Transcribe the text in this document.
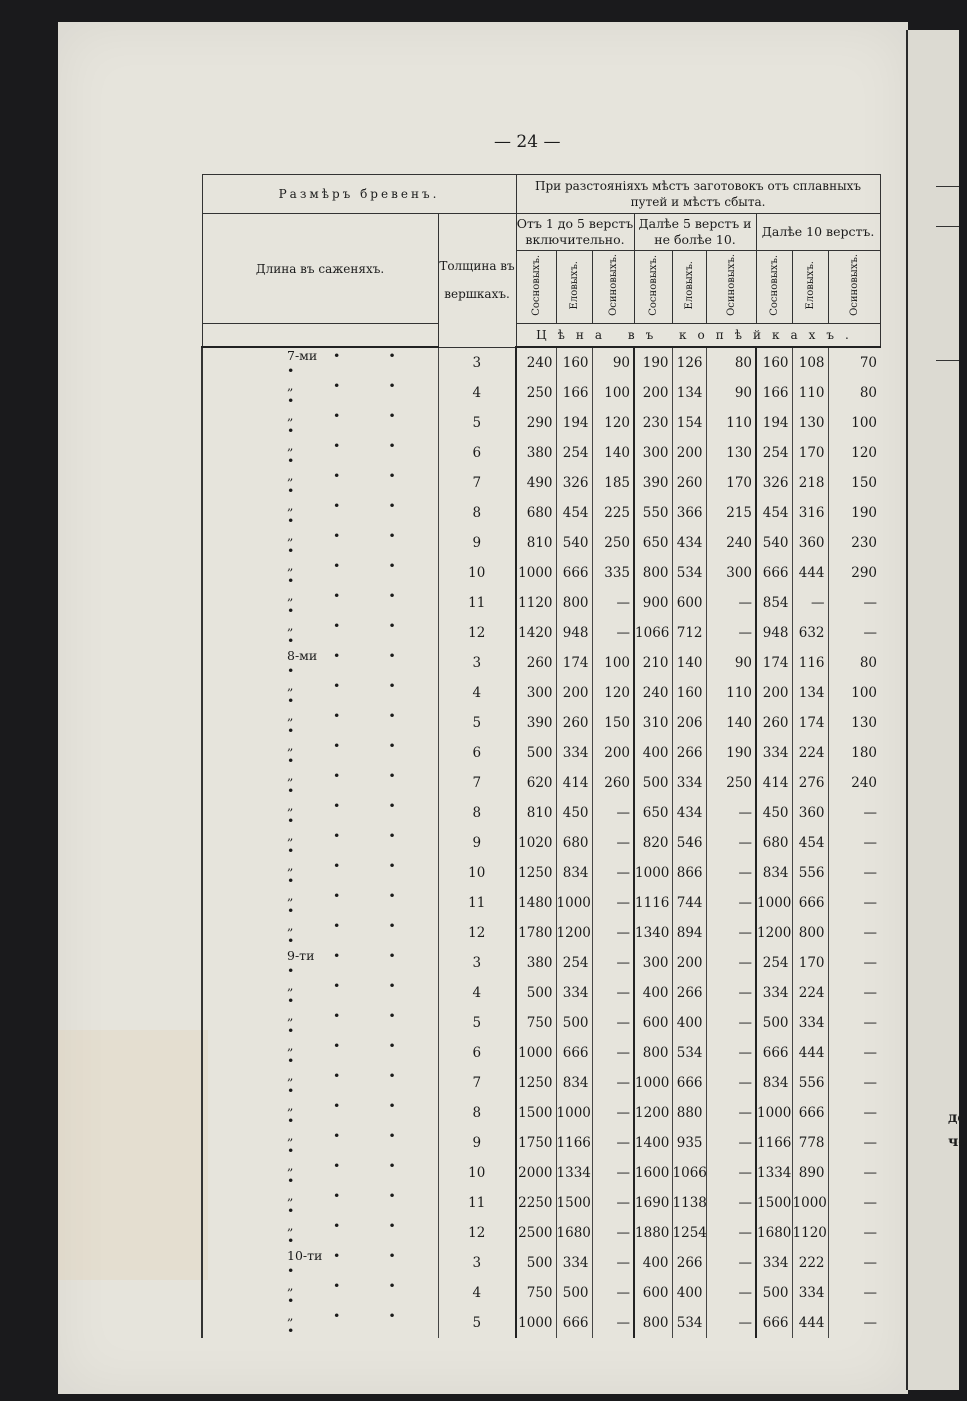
де
че
— 24 —
Размѣръ бревенъ.		При разстояніяхъ мѣстъ заготовокъ отъ сплавныхъ путей и мѣстъ сбыта.								
Длина въ саженяхъ.	Толщина въ вершкахъ.	Отъ 1 до 5 верстъ включительно.			Далѣе 5 верстъ и не болѣе 10.			Далѣе 10 верстъ.		
		Сосновыхъ.	Еловыхъ.	Осиновыхъ.	Сосновыхъ.	Еловыхъ.	Осиновыхъ.	Сосновыхъ.	Еловыхъ.	Осиновыхъ.
		Цѣна въ копѣйкахъ.								
7-ми • • •	3	240	160	90	190	126	80	160	108	70
„ • • •	4	250	166	100	200	134	90	166	110	80
„ • • •	5	290	194	120	230	154	110	194	130	100
„ • • •	6	380	254	140	300	200	130	254	170	120
„ • • •	7	490	326	185	390	260	170	326	218	150
„ • • •	8	680	454	225	550	366	215	454	316	190
„ • • •	9	810	540	250	650	434	240	540	360	230
„ • • •	10	1000	666	335	800	534	300	666	444	290
„ • • •	11	1120	800	—	900	600	—	854	—	—
„ • • •	12	1420	948	—	1066	712	—	948	632	—
8-ми • • •	3	260	174	100	210	140	90	174	116	80
„ • • •	4	300	200	120	240	160	110	200	134	100
„ • • •	5	390	260	150	310	206	140	260	174	130
„ • • •	6	500	334	200	400	266	190	334	224	180
„ • • •	7	620	414	260	500	334	250	414	276	240
„ • • •	8	810	450	—	650	434	—	450	360	—
„ • • •	9	1020	680	—	820	546	—	680	454	—
„ • • •	10	1250	834	—	1000	866	—	834	556	—
„ • • •	11	1480	1000	—	1116	744	—	1000	666	—
„ • • •	12	1780	1200	—	1340	894	—	1200	800	—
9-ти • • •	3	380	254	—	300	200	—	254	170	—
„ • • •	4	500	334	—	400	266	—	334	224	—
„ • • •	5	750	500	—	600	400	—	500	334	—
„ • • •	6	1000	666	—	800	534	—	666	444	—
„ • • •	7	1250	834	—	1000	666	—	834	556	—
„ • • •	8	1500	1000	—	1200	880	—	1000	666	—
„ • • •	9	1750	1166	—	1400	935	—	1166	778	—
„ • • •	10	2000	1334	—	1600	1066	—	1334	890	—
„ • • •	11	2250	1500	—	1690	1138	—	1500	1000	—
„ • • •	12	2500	1680	—	1880	1254	—	1680	1120	—
10-ти • • •	3	500	334	—	400	266	—	334	222	—
„ • • •	4	750	500	—	600	400	—	500	334	—
„ • • •	5	1000	666	—	800	534	—	666	444	—
